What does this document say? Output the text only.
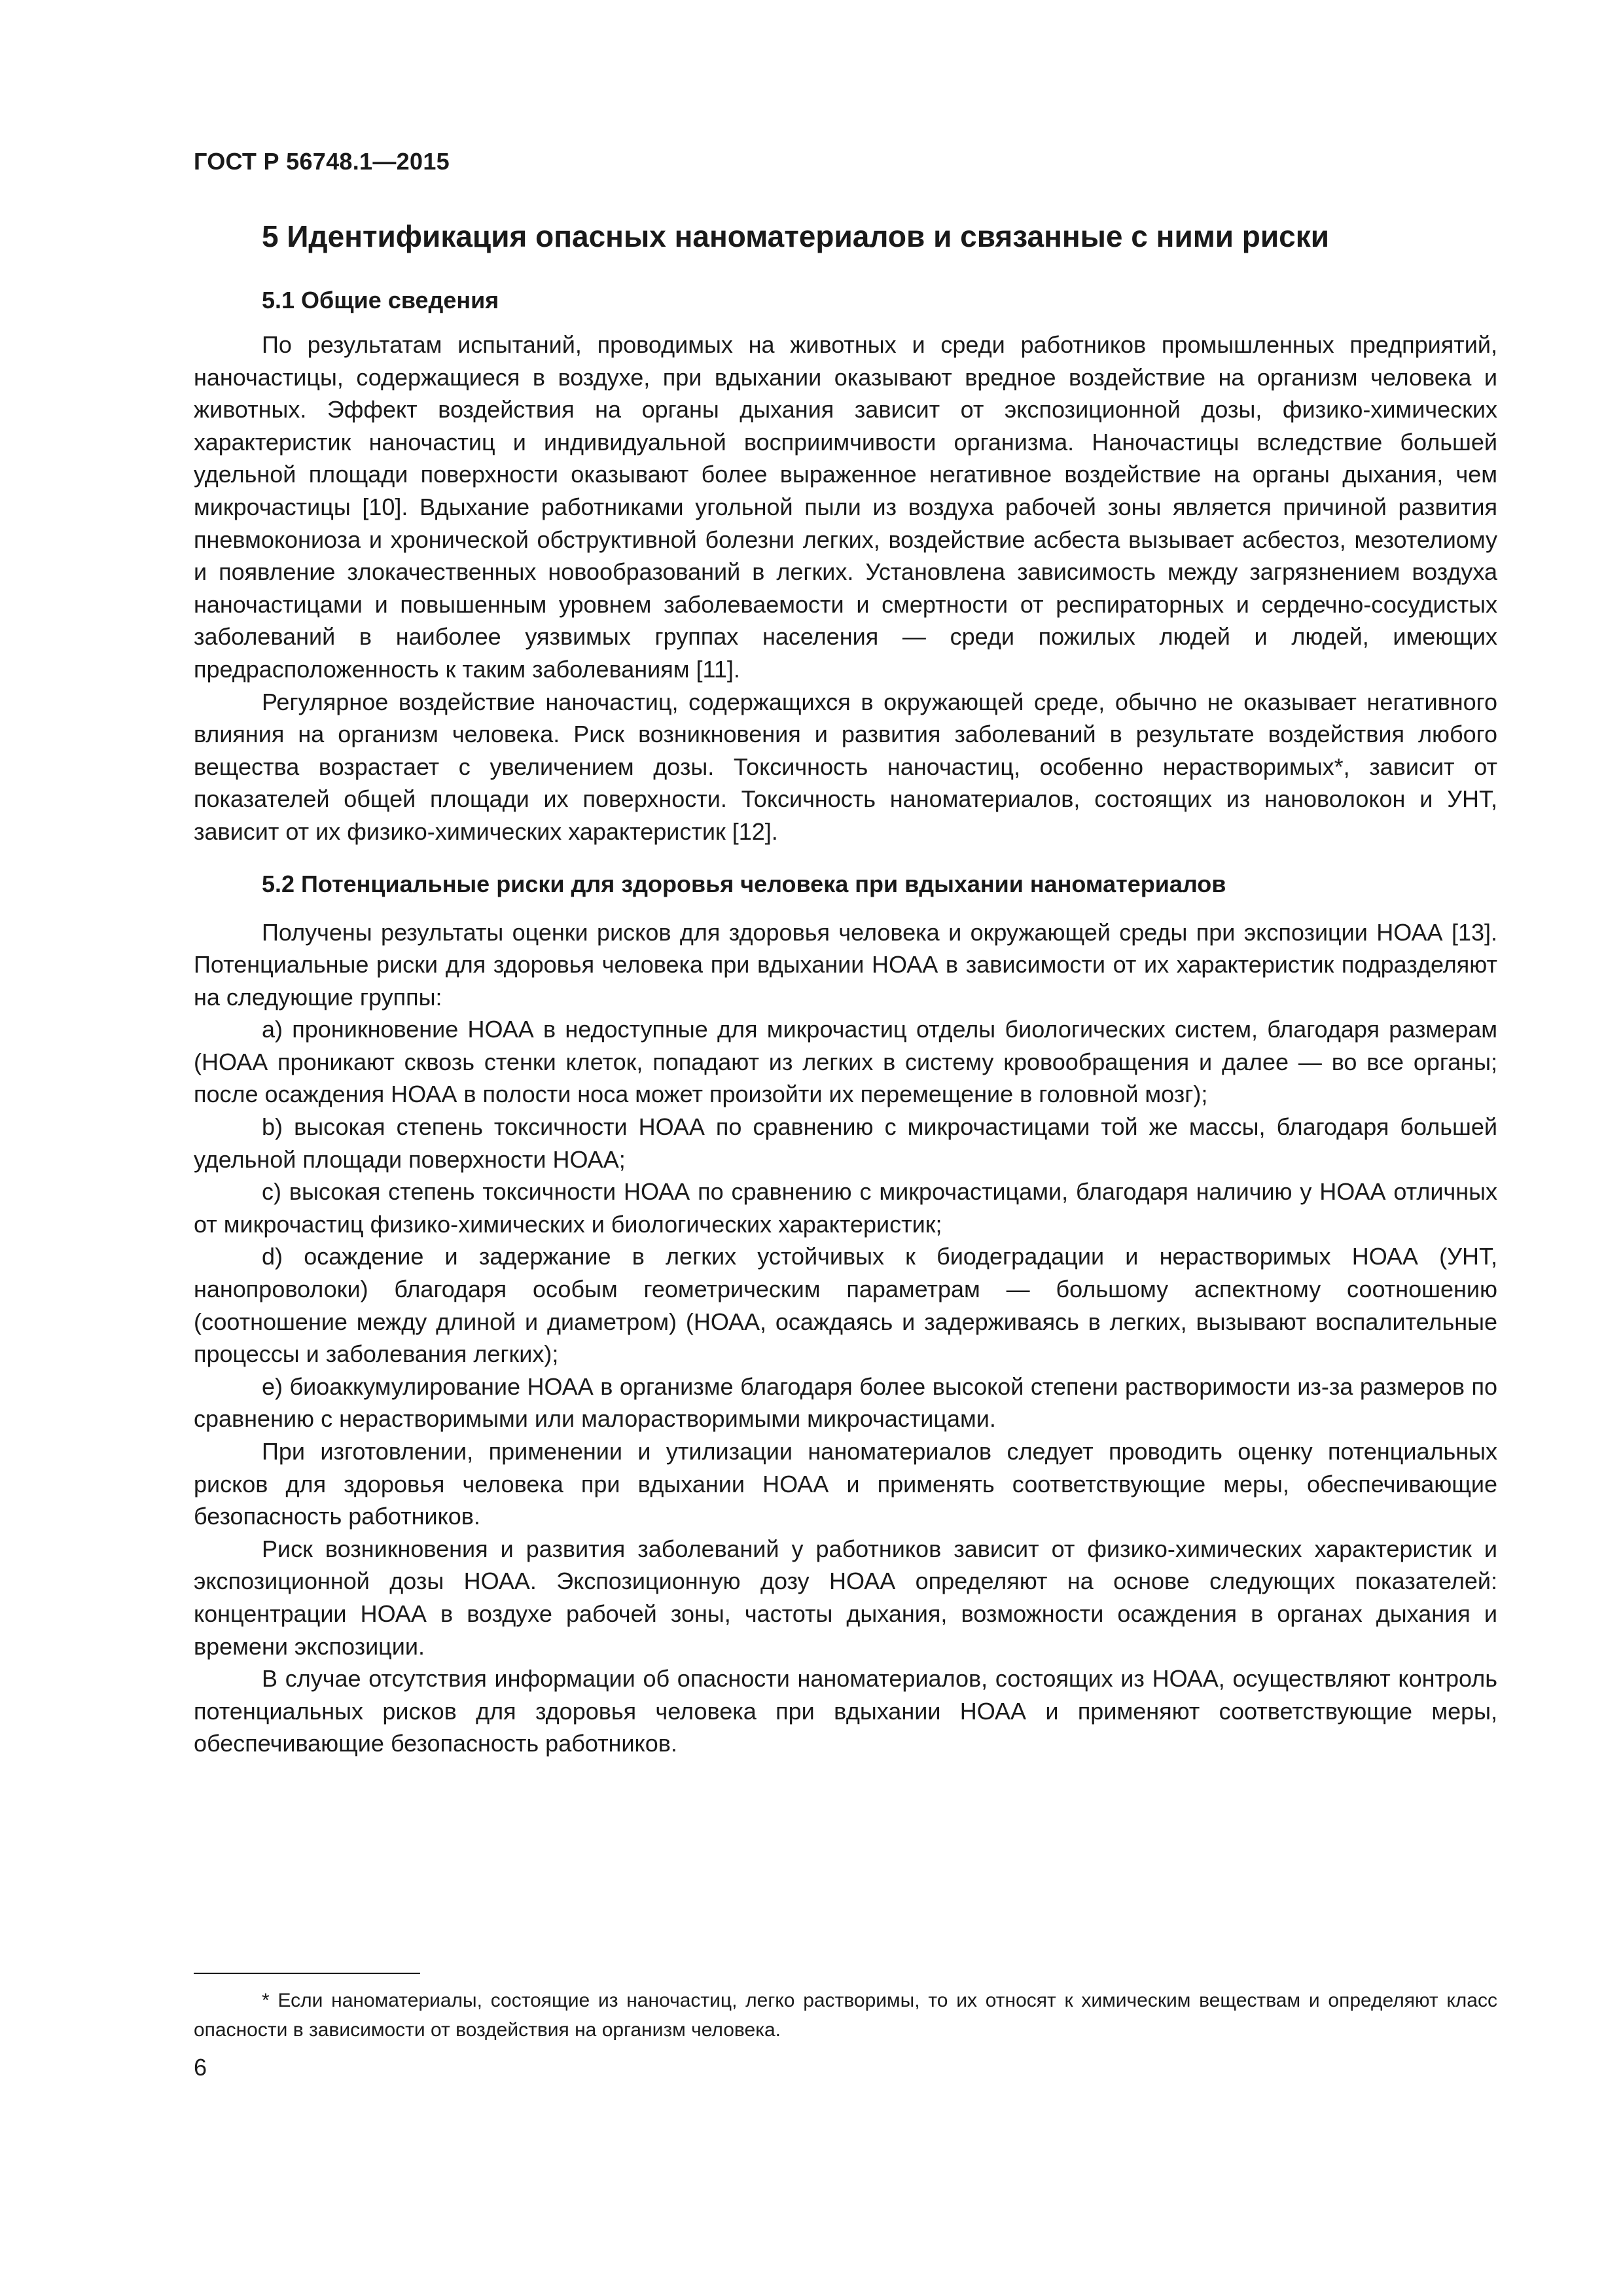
ГОСТ Р 56748.1—2015
5 Идентификация опасных наноматериалов и связанные с ними риски
5.1 Общие сведения

По результатам испытаний, проводимых на животных и среди работников промышленных предприятий, наночастицы, содержащиеся в воздухе, при вдыхании оказывают вредное воздействие на организм человека и животных. Эффект воздействия на органы дыхания зависит от экспозиционной дозы, физико-химических характеристик наночастиц и индивидуальной восприимчивости организма. Наночастицы вследствие большей удельной площади поверхности оказывают более выраженное негативное воздействие на органы дыхания, чем микрочастицы [10]. Вдыхание работниками угольной пыли из воздуха рабочей зоны является причиной развития пневмокониоза и хронической обструктивной болезни легких, воздействие асбеста вызывает асбестоз, мезотелиому и появление злокачественных новообразований в легких. Установлена зависимость между загрязнением воздуха наночастицами и повышенным уровнем заболеваемости и смертности от респираторных и сердечно-сосудистых заболеваний в наиболее уязвимых группах населения — среди пожилых людей и людей, имеющих предрасположенность к таким заболеваниям [11].

Регулярное воздействие наночастиц, содержащихся в окружающей среде, обычно не оказывает негативного влияния на организм человека. Риск возникновения и развития заболеваний в результате воздействия любого вещества возрастает с увеличением дозы. Токсичность наночастиц, особенно нерастворимых*, зависит от показателей общей площади их поверхности. Токсичность наноматериалов, состоящих из нановолокон и УНТ, зависит от их физико-химических характеристик [12].

5.2 Потенциальные риски для здоровья человека при вдыхании наноматериалов

Получены результаты оценки рисков для здоровья человека и окружающей среды при экспозиции НОАА [13]. Потенциальные риски для здоровья человека при вдыхании НОАА в зависимости от их характеристик подразделяют на следующие группы:

а) проникновение НОАА в недоступные для микрочастиц отделы биологических систем, благодаря размерам (НОАА проникают сквозь стенки клеток, попадают из легких в систему кровообращения и далее — во все органы; после осаждения НОАА в полости носа может произойти их перемещение в головной мозг);

b) высокая степень токсичности НОАА по сравнению с микрочастицами той же массы, благодаря большей удельной площади поверхности НОАА;

c) высокая степень токсичности НОАА по сравнению с микрочастицами, благодаря наличию у НОАА отличных от микрочастиц физико-химических и биологических характеристик;

d) осаждение и задержание в легких устойчивых к биодеградации и нерастворимых НОАА (УНТ, нанопроволоки) благодаря особым геометрическим параметрам — большому аспектному соотношению (соотношение между длиной и диаметром) (НОАА, осаждаясь и задерживаясь в легких, вызывают воспалительные процессы и заболевания легких);

e) биоаккумулирование НОАА в организме благодаря более высокой степени растворимости из-за размеров по сравнению с нерастворимыми или малорастворимыми микрочастицами.

При изготовлении, применении и утилизации наноматериалов следует проводить оценку потенциальных рисков для здоровья человека при вдыхании НОАА и применять соответствующие меры, обеспечивающие безопасность работников.

Риск возникновения и развития заболеваний у работников зависит от физико-химических характеристик и экспозиционной дозы НОАА. Экспозиционную дозу НОАА определяют на основе следующих показателей: концентрации НОАА в воздухе рабочей зоны, частоты дыхания, возможности осаждения в органах дыхания и времени экспозиции.

В случае отсутствия информации об опасности наноматериалов, состоящих из НОАА, осуществляют контроль потенциальных рисков для здоровья человека при вдыхании НОАА и применяют соответствующие меры, обеспечивающие безопасность работников.

* Если наноматериалы, состоящие из наночастиц, легко растворимы, то их относят к химическим веществам и определяют класс опасности в зависимости от воздействия на организм человека.

6
